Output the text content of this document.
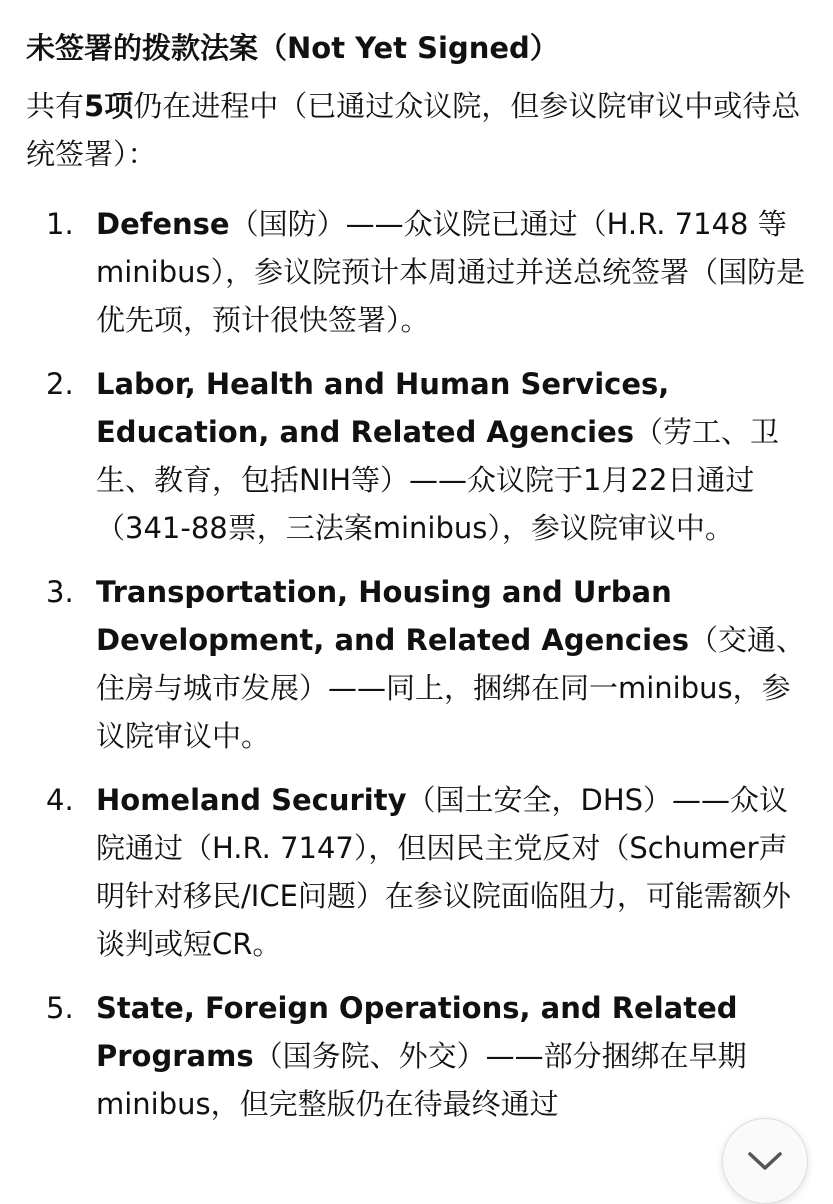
未签署的拨款法案（Not Yet Signed）

共有5项仍在进程中（已通过众议院，但参议院审议中或待总统签署）：

1. Defense（国防）——众议院已通过（H.R. 7148 等minibus），参议院预计本周通过并送总统签署（国防是优先项，预计很快签署）。
2. Labor, Health and Human Services, Education, and Related Agencies（劳工、卫生、教育，包括NIH等）——众议院于1月22日通过（341-88票，三法案minibus），参议院审议中。
3. Transportation, Housing and Urban Development, and Related Agencies（交通、住房与城市发展）——同上，捆绑在同一minibus，参议院审议中。
4. Homeland Security（国土安全，DHS）——众议院通过（H.R. 7147），但因民主党反对（Schumer声明针对移民/ICE问题）在参议院面临阻力，可能需额外谈判或短CR。
5. State, Foreign Operations, and Related Programs（国务院、外交）——部分捆绑在早期minibus，但完整版仍在待最终通过
